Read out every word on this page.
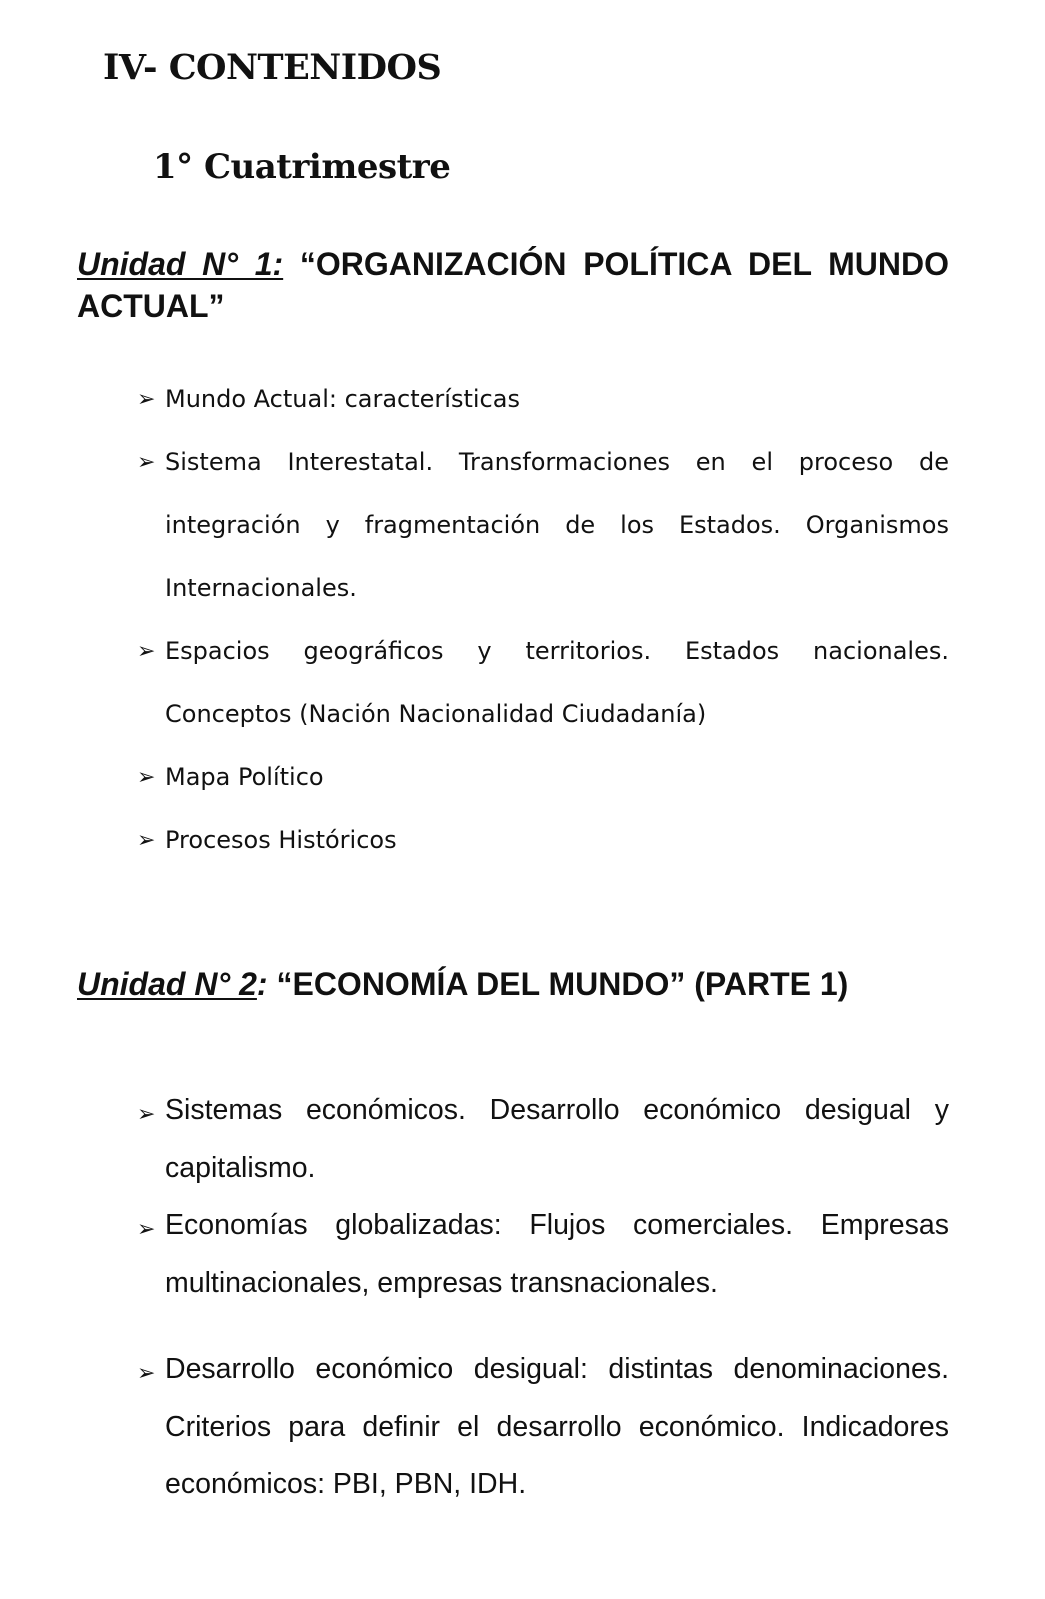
IV- CONTENIDOS
1° Cuatrimestre
Unidad N° 1: “ORGANIZACIÓN POLÍTICA DEL MUNDO ACTUAL”
➢ Mundo Actual: características
➢ Sistema Interestatal. Transformaciones en el proceso de integración y fragmentación de los Estados. Organismos Internacionales.
➢ Espacios geográficos y territorios. Estados nacionales. Conceptos (Nación Nacionalidad Ciudadanía)
➢ Mapa Político
➢ Procesos Históricos
Unidad N° 2: “ECONOMÍA DEL MUNDO” (PARTE 1)
➢ Sistemas económicos. Desarrollo económico desigual y capitalismo.
➢ Economías globalizadas: Flujos comerciales. Empresas multinacionales, empresas transnacionales.
➢ Desarrollo económico desigual: distintas denominaciones. Criterios para definir el desarrollo económico. Indicadores económicos: PBI, PBN, IDH.
